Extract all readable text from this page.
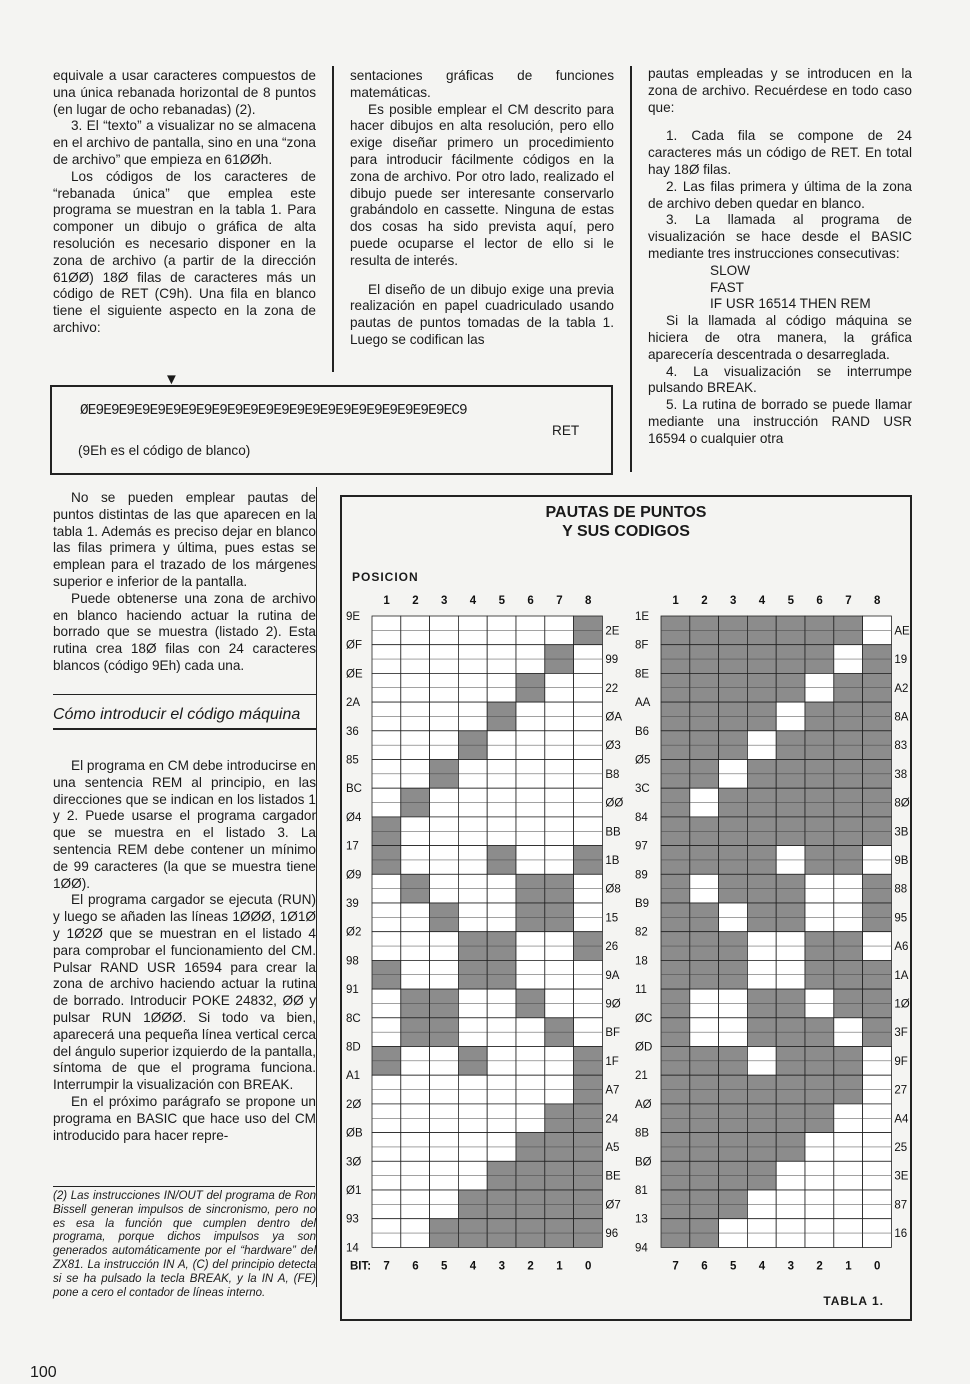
equivale a usar caracteres compuestos de una única rebanada horizontal de 8 puntos (en lugar de ocho rebanadas) (2).

3. El “texto” a visualizar no se almacena en el archivo de pantalla, sino en una “zona de archivo” que empieza en 61ØØh.

Los códigos de los caracteres de “rebanada única” que emplea este programa se muestran en la tabla 1. Para componer un dibujo o gráfica de alta resolución es necesario disponer en la zona de archivo (a partir de la dirección 61ØØ) 18Ø filas de caracteres más un código de RET (C9h). Una fila en blanco tiene el siguiente aspecto en la zona de archivo:

sentaciones gráficas de funciones matemáticas.

Es posible emplear el CM descrito para hacer dibujos en alta resolución, pero ello exige diseñar primero un procedimiento para introducir fácilmente códigos en la zona de archivo. Por otro lado, realizado el dibujo puede ser interesante conservarlo grabándolo en cassette. Ninguna de estas dos cosas ha sido prevista aquí, pero puede ocuparse el lector de ello si le resulta de interés.

El diseño de un dibujo exige una previa realización en papel cuadriculado usando pautas de puntos tomadas de la tabla 1. Luego se codifican las

pautas empleadas y se introducen en la zona de archivo. Recuérdese en todo caso que:

1. Cada fila se compone de 24 caracteres más un código de RET. En total hay 18Ø filas.

2. Las filas primera y última de la zona de archivo deben quedar en blanco.

3. La llamada al programa de visualización se hace desde el BASIC mediante tres instrucciones consecutivas:

SLOW

FAST

IF USR 16514 THEN REM

Si la llamada al código máquina se hiciera de otra manera, la gráfica aparecería descentrada o desarreglada.

4. La visualización se interrumpe pulsando BREAK.

5. La rutina de borrado se puede llamar mediante una instrucción RAND USR 16594 o cualquier otra

ØE9E9E9E9E9E9E9E9E9E9E9E9E9E9E9E9E9E9E9E9E9E9E9EC9
RET
(9Eh es el código de blanco)
▼

No se pueden emplear pautas de puntos distintas de las que aparecen en la tabla 1. Además es preciso dejar en blanco las filas primera y última, pues estas se emplean para el trazado de los márgenes superior e inferior de la pantalla.

Puede obtenerse una zona de archivo en blanco haciendo actuar la rutina de borrado que se muestra (listado 2). Esta rutina crea 18Ø filas con 24 caracteres blancos (código 9Eh) cada una.

Cómo introducir el código máquina

El programa en CM debe introducirse en una sentencia REM al principio, en las direcciones que se indican en los listados 1 y 2. Puede usarse el programa cargador que se muestra en el listado 3. La sentencia REM debe contener un mínimo de 99 caracteres (la que se muestra tiene 1ØØ).

El programa cargador se ejecuta (RUN) y luego se añaden las líneas 1ØØØ, 1Ø1Ø y 1Ø2Ø que se muestran en el listado 4 para comprobar el funcionamiento del CM. Pulsar RAND USR 16594 para crear la zona de archivo haciendo actuar la rutina de borrado. Introducir POKE 24832, ØØ y pulsar RUN 1ØØØ. Si todo va bien, aparecerá una pequeña línea vertical cerca del ángulo superior izquierdo de la pantalla, síntoma de que el programa funciona. Interrumpir la visualización con BREAK.

En el próximo parágrafo se propone un programa en BASIC que hace uso del CM introducido para hacer repre-

(2) Las instrucciones IN/OUT del programa de Ron Bissell generan impulsos de sincronismo, pero no es esa la función que cumplen dentro del programa, porque dichos impulsos ya son generados automáticamente por el “hardware” del ZX81. La instrucción IN A, (C) del principio detecta si se ha pulsado la tecla BREAK, y la IN A, (FE) pone a cero el contador de líneas interno.
100
PAUTAS DE PUNTOS
Y SUS CODIGOS
POSICION
1 2 3 4 5 6 7 8
7 6 5 4 3 2 1 0
9E
ØF
ØE
2A
36
85
BC
Ø4
17
Ø9
39
Ø2
98
91
8C
8D
A1
2Ø
ØB
3Ø
Ø1
93
14
2E
99
22
ØA
Ø3
B8
ØØ
BB
1B
Ø8
15
26
9A
9Ø
BF
1F
A7
24
A5
BE
Ø7
96
1 2 3 4 5 6 7 8
7 6 5 4 3 2 1 0
1E
8F
8E
AA
B6
Ø5
3C
84
97
89
B9
82
18
11
ØC
ØD
21
AØ
8B
BØ
81
13
94
AE
19
A2
8A
83
38
8Ø
3B
9B
88
95
A6
1A
1Ø
3F
9F
27
A4
25
3E
87
16
BIT:
TABLA 1.
